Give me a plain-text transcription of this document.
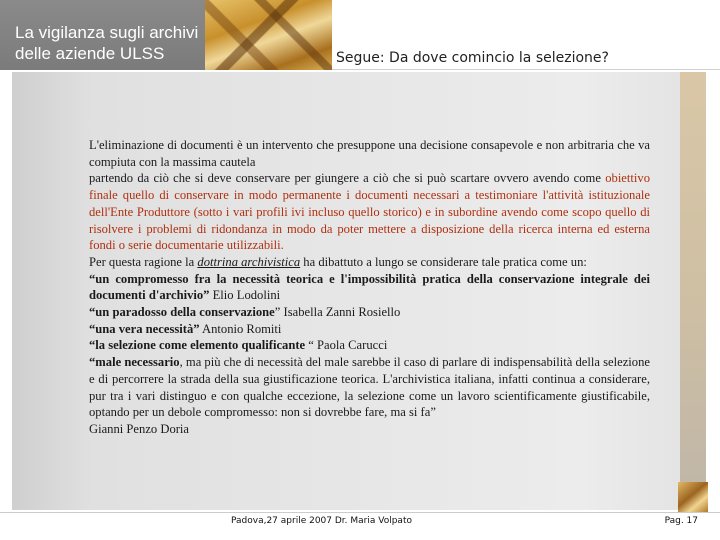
La vigilanza sugli archivi
delle aziende ULSS	Segue: Da dove comincio la selezione?

L'eliminazione di documenti è un intervento che presuppone una decisione consapevole e non arbitraria che va compiuta con la massima cautela

partendo da ciò che si deve conservare per giungere a ciò che si può scartare ovvero avendo come obiettivo finale quello di conservare in modo permanente i documenti necessari a testimoniare l'attività istituzionale dell'Ente Produttore (sotto i vari profili ivi incluso quello storico) e in subordine avendo come scopo quello di risolvere i problemi di ridondanza in modo da poter mettere a disposizione della ricerca interna ed esterna fondi o serie documentarie utilizzabili.

Per questa ragione la dottrina archivistica ha dibattuto a lungo se considerare tale pratica come un:

“un compromesso fra la necessità teorica e l'impossibilità pratica della conservazione integrale dei documenti d'archivio” Elio Lodolini

“un paradosso della conservazione” Isabella Zanni Rosiello

“una vera necessità” Antonio Romiti

“la selezione come elemento qualificante “ Paola Carucci

“male necessario, ma più che di necessità del male sarebbe il caso di parlare di indispensabilità della selezione e di percorrere la strada della sua giustificazione teorica. L'archivistica italiana, infatti continua a considerare, pur tra i vari distinguo e con qualche eccezione, la selezione come un lavoro scientificamente giustificabile, optando per un debole compromesso: non si dovrebbe fare, ma si fa”

Gianni Penzo Doria

Padova,27 aprile 2007 Dr. Maria Volpato	Pag. 17
